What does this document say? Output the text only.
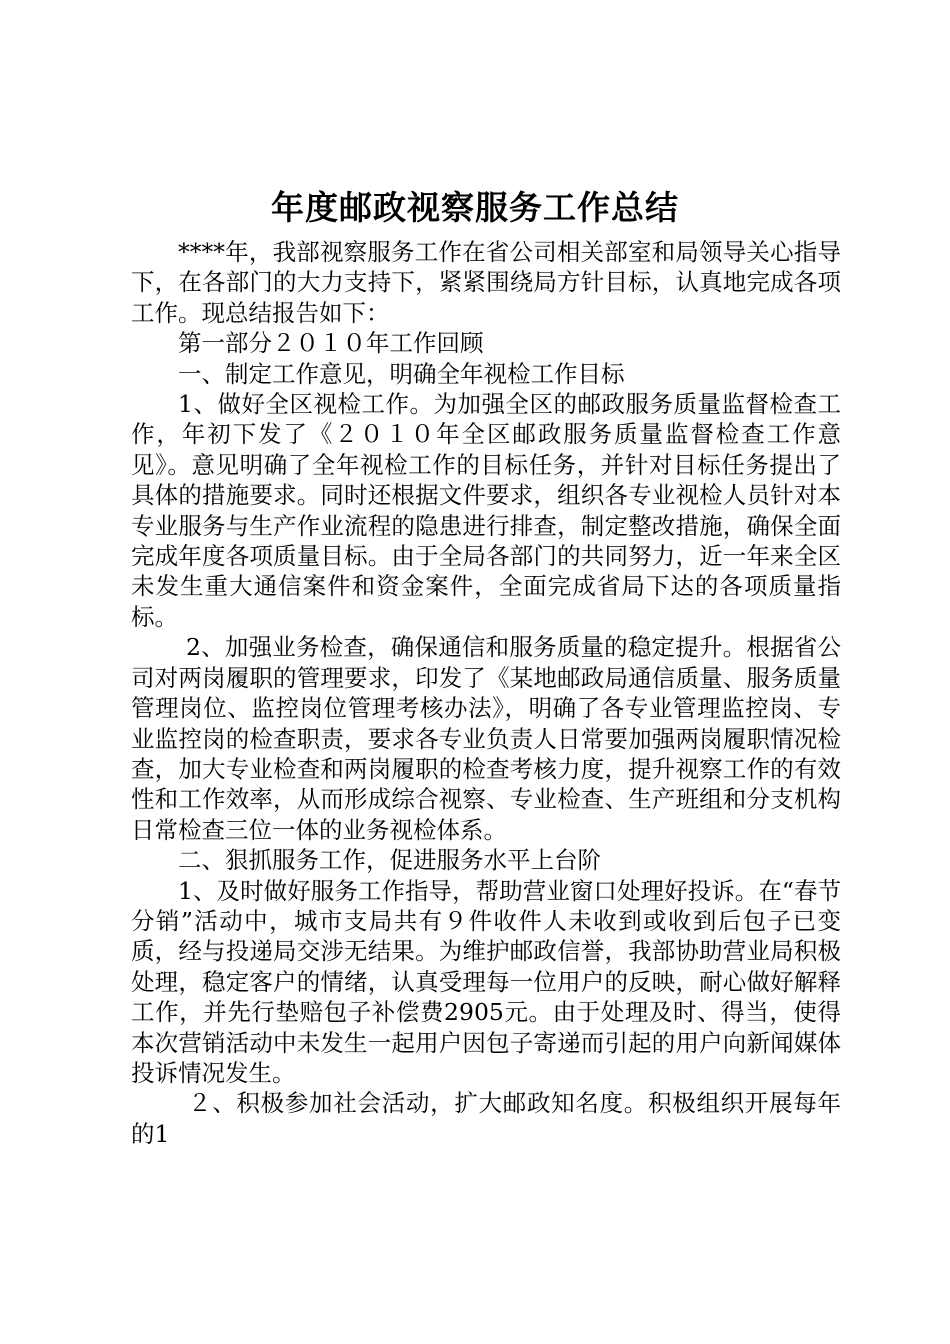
年度邮政视察服务工作总结

****年，我部视察服务工作在省公司相关部室和局领导关心指导下，在各部门的大力支持下，紧紧围绕局方针目标，认真地完成各项工作。现总结报告如下：

第一部分２０１０年工作回顾

一、制定工作意见，明确全年视检工作目标

1、做好全区视检工作。为加强全区的邮政服务质量监督检查工作，年初下发了《２０１０年全区邮政服务质量监督检查工作意见》。意见明确了全年视检工作的目标任务，并针对目标任务提出了具体的措施要求。同时还根据文件要求，组织各专业视检人员针对本专业服务与生产作业流程的隐患进行排查，制定整改措施，确保全面完成年度各项质量目标。由于全局各部门的共同努力，近一年来全区未发生重大通信案件和资金案件，全面完成省局下达的各项质量指标。

2、加强业务检查，确保通信和服务质量的稳定提升。根据省公司对两岗履职的管理要求，印发了《某地邮政局通信质量、服务质量管理岗位、监控岗位管理考核办法》，明确了各专业管理监控岗、专业监控岗的检查职责，要求各专业负责人日常要加强两岗履职情况检查，加大专业检查和两岗履职的检查考核力度，提升视察工作的有效性和工作效率，从而形成综合视察、专业检查、生产班组和分支机构日常检查三位一体的业务视检体系。

二、狠抓服务工作，促进服务水平上台阶

1、及时做好服务工作指导，帮助营业窗口处理好投诉。在“春节分销”活动中，城市支局共有９件收件人未收到或收到后包子已变质，经与投递局交涉无结果。为维护邮政信誉，我部协助营业局积极处理，稳定客户的情绪，认真受理每一位用户的反映，耐心做好解释工作，并先行垫赔包子补偿费2905元。由于处理及时、得当，使得本次营销活动中未发生一起用户因包子寄递而引起的用户向新闻媒体投诉情况发生。

２、积极参加社会活动，扩大邮政知名度。积极组织开展每年的1
